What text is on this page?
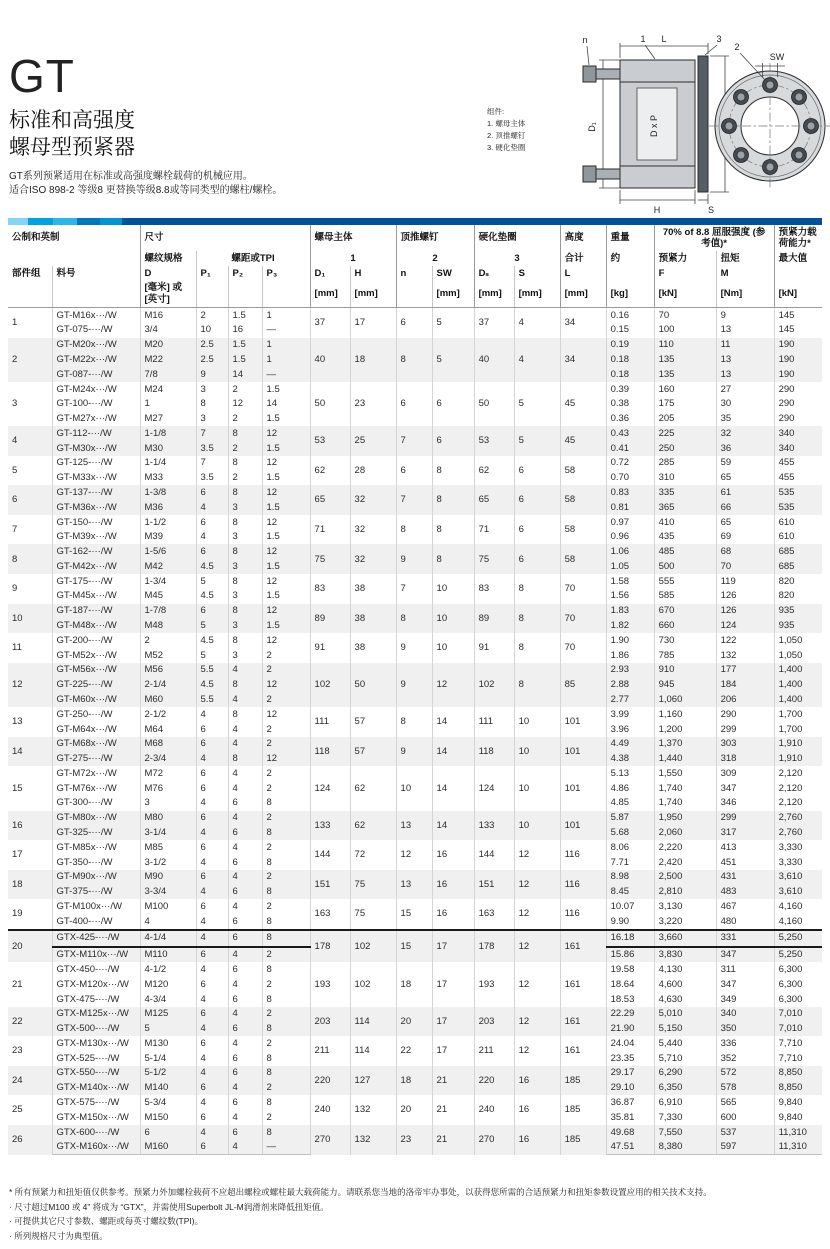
GT
标准和高强度
螺母型预紧器
GT系列预紧适用在标准或高强度螺栓载荷的机械应用。
适合ISO 898-2 等级8 更替换等级8.8或等同类型的螺柱/螺栓。
组件:
1. 螺母主体
2. 顶推螺钉
3. 硬化垫圈
D₁	D x P
L
n	1	3
H	S
SW
2
公制和英制		尺寸				螺母主体		顶推螺钉		硬化垫圈		高度	重量	70% of 8.8 屈服强度 (参考值)*		预紧力载荷能力*
		螺纹规格	螺距或TPI			1		2		3		合计	约	预紧力	扭矩	最大值
部件组	料号	D	P₁	P₂	P₃	D₁	H	n	SW	Dₛ	S	L		F	M	
		[毫米] 或 [英寸]				[mm]	[mm]		[mm]	[mm]	[mm]	[mm]	[kg]	[kN]	[Nm]	[kN]
1	GT-M16x···/W	M16	2	1.5	1	37	17	6	5	37	4	34	0.16	70	9	145
	GT-075-···/W	3/4	10	16	—								0.15	100	13	145
2	GT-M20x···/W	M20	2.5	1.5	1	40	18	8	5	40	4	34	0.19	110	11	190
	GT-M22x···/W	M22	2.5	1.5	1								0.18	135	13	190
	GT-087-···/W	7/8	9	14	—								0.18	135	13	190
3	GT-M24x···/W	M24	3	2	1.5	50	23	6	6	50	5	45	0.39	160	27	290
	GT-100-···/W	1	8	12	14								0.38	175	30	290
	GT-M27x···/W	M27	3	2	1.5								0.36	205	35	290
4	GT-112-···/W	1-1/8	7	8	12	53	25	7	6	53	5	45	0.43	225	32	340
	GT-M30x···/W	M30	3.5	2	1.5								0.41	250	36	340
5	GT-125-···/W	1-1/4	7	8	12	62	28	6	8	62	6	58	0.72	285	59	455
	GT-M33x···/W	M33	3.5	2	1.5								0.70	310	65	455
6	GT-137-···/W	1-3/8	6	8	12	65	32	7	8	65	6	58	0.83	335	61	535
	GT-M36x···/W	M36	4	3	1.5								0.81	365	66	535
7	GT-150-···/W	1-1/2	6	8	12	71	32	8	8	71	6	58	0.97	410	65	610
	GT-M39x···/W	M39	4	3	1.5								0.96	435	69	610
8	GT-162-···/W	1-5/6	6	8	12	75	32	9	8	75	6	58	1.06	485	68	685
	GT-M42x···/W	M42	4.5	3	1.5								1.05	500	70	685
9	GT-175-···/W	1-3/4	5	8	12	83	38	7	10	83	8	70	1.58	555	119	820
	GT-M45x···/W	M45	4.5	3	1.5								1.56	585	126	820
10	GT-187-···/W	1-7/8	6	8	12	89	38	8	10	89	8	70	1.83	670	126	935
	GT-M48x···/W	M48	5	3	1.5								1.82	660	124	935
11	GT-200-···/W	2	4.5	8	12	91	38	9	10	91	8	70	1.90	730	122	1,050
	GT-M52x···/W	M52	5	3	2								1.86	785	132	1,050
12	GT-M56x···/W	M56	5.5	4	2	102	50	9	12	102	8	85	2.93	910	177	1,400
	GT-225-···/W	2-1/4	4.5	8	12								2.88	945	184	1,400
	GT-M60x···/W	M60	5.5	4	2								2.77	1,060	206	1,400
13	GT-250-···/W	2-1/2	4	8	12	111	57	8	14	111	10	101	3.99	1,160	290	1,700
	GT-M64x···/W	M64	6	4	2								3.96	1,200	299	1,700
14	GT-M68x···/W	M68	6	4	2	118	57	9	14	118	10	101	4.49	1,370	303	1,910
	GT-275-···/W	2-3/4	4	8	12								4.38	1,440	318	1,910
15	GT-M72x···/W	M72	6	4	2	124	62	10	14	124	10	101	5.13	1,550	309	2,120
	GT-M76x···/W	M76	6	4	2								4.86	1,740	347	2,120
	GT-300-···/W	3	4	6	8								4.85	1,740	346	2,120
16	GT-M80x···/W	M80	6	4	2	133	62	13	14	133	10	101	5.87	1,950	299	2,760
	GT-325-···/W	3-1/4	4	6	8								5.68	2,060	317	2,760
17	GT-M85x···/W	M85	6	4	2	144	72	12	16	144	12	116	8.06	2,220	413	3,330
	GT-350-···/W	3-1/2	4	6	8								7.71	2,420	451	3,330
18	GT-M90x···/W	M90	6	4	2	151	75	13	16	151	12	116	8.98	2,500	431	3,610
	GT-375-···/W	3-3/4	4	6	8								8.45	2,810	483	3,610
19	GT-M100x···/W	M100	6	4	2	163	75	15	16	163	12	116	10.07	3,130	467	4,160
	GT-400-···/W	4	4	6	8								9.90	3,220	480	4,160
20	GTX-425-···/W	4-1/4	4	6	8	178	102	15	17	178	12	161	16.18	3,660	331	5,250
	GTX-M110x···/W	M110	6	4	2								15.86	3,830	347	5,250
21	GTX-450-···/W	4-1/2	4	6	8	193	102	18	17	193	12	161	19.58	4,130	311	6,300
	GTX-M120x···/W	M120	6	4	2								18.64	4,600	347	6,300
	GTX-475-···/W	4-3/4	4	6	8								18.53	4,630	349	6,300
22	GTX-M125x···/W	M125	6	4	2	203	114	20	17	203	12	161	22.29	5,010	340	7,010
	GTX-500-···/W	5	4	6	8								21.90	5,150	350	7,010
23	GTX-M130x···/W	M130	6	4	2	211	114	22	17	211	12	161	24.04	5,440	336	7,710
	GTX-525-···/W	5-1/4	4	6	8								23.35	5,710	352	7,710
24	GTX-550-···/W	5-1/2	4	6	8	220	127	18	21	220	16	185	29.17	6,290	572	8,850
	GTX-M140x···/W	M140	6	4	2								29.10	6,350	578	8,850
25	GTX-575-···/W	5-3/4	4	6	8	240	132	20	21	240	16	185	36.87	6,910	565	9,840
	GTX-M150x···/W	M150	6	4	2								35.81	7,330	600	9,840
26	GTX-600-···/W	6	4	6	8	270	132	23	21	270	16	185	49.68	7,550	537	11,310
	GTX-M160x···/W	M160	6	4	—								47.51	8,380	597	11,310
* 所有预紧力和扭矩值仅供参考。预紧力外加螺栓载荷不应超出螺栓或螺柱最大载荷能力。请联系您当地的洛帝牢办事处，以获得您所需的合适预紧力和扭矩参数设置应用的相关技术支持。
· 尺寸超过M100 或 4” 将成为 “GTX”，并需使用Superbolt JL-M润滑剂来降低扭矩值。
· 可提供其它尺寸参数、螺距或每英寸螺纹数(TPI)。
· 所列规格尺寸为典型值。
